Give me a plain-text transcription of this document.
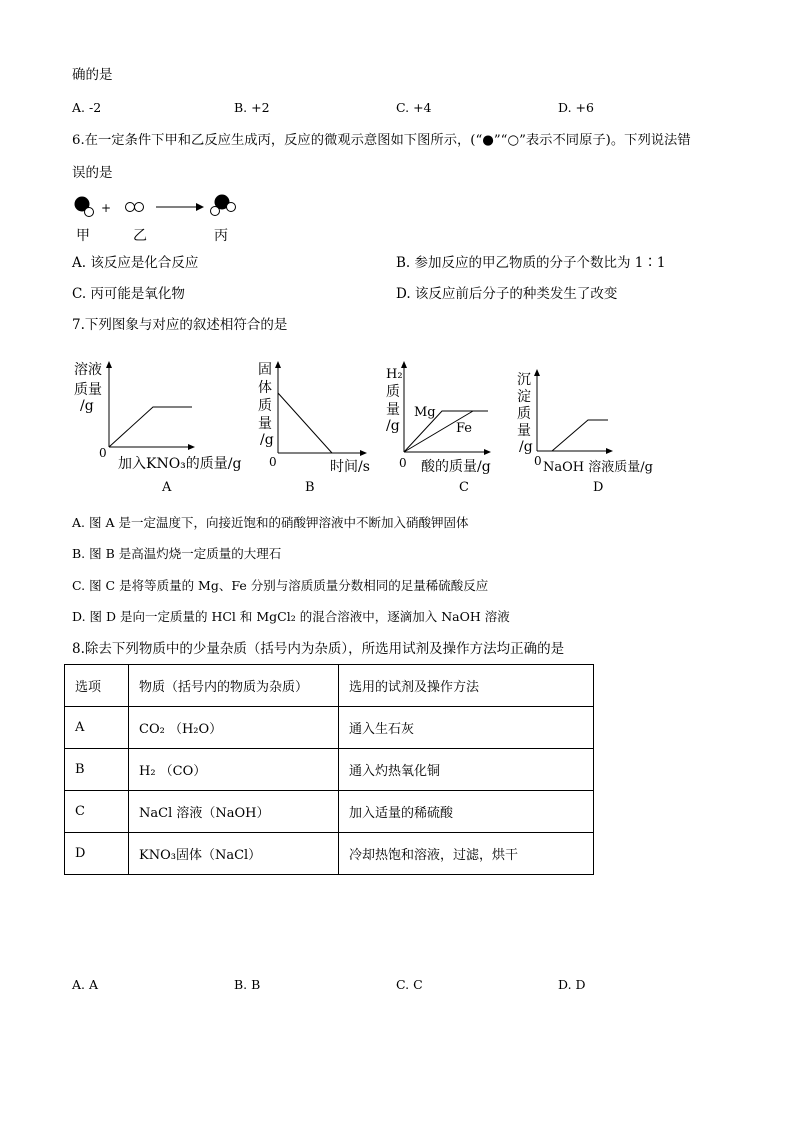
确的是
A. -2	B. +2	C. +4	D. +6
6.在一定条件下甲和乙反应生成丙，反应的微观示意图如下图所示，(“●”“○”表示不同原子)。下列说法错
误的是
+
甲	乙	丙
A. 该反应是化合反应	B. 参加反应的甲乙物质的分子个数比为 1∶1
C. 丙可能是氧化物	D. 该反应前后分子的种类发生了改变
7.下列图象与对应的叙述相符合的是
溶液
质量
/g
0
加入KNO₃的质量/g
A
固
体
质
量
/g
0	时间/s
B
H₂
质
量
/g
Mg
Fe
0 酸的质量/g
C
沉
淀
质
量
/g
0 NaOH 溶液质量/g
D
A. 图 A 是一定温度下，向接近饱和的硝酸钾溶液中不断加入硝酸钾固体
B. 图 B 是高温灼烧一定质量的大理石
C. 图 C 是将等质量的 Mg、Fe 分别与溶质质量分数相同的足量稀硫酸反应
D. 图 D 是向一定质量的 HCl 和 MgCl₂ 的混合溶液中，逐滴加入 NaOH 溶液
8.除去下列物质中的少量杂质（括号内为杂质），所选用试剂及操作方法均正确的是
选项	物质（括号内的物质为杂质）	选用的试剂及操作方法
A	CO₂ （H₂O）	通入生石灰
B	H₂ （CO）	通入灼热氧化铜
C	NaCl 溶液（NaOH）	加入适量的稀硫酸
D	KNO₃固体（NaCl）	冷却热饱和溶液，过滤，烘干
A. A	B. B	C. C	D. D
